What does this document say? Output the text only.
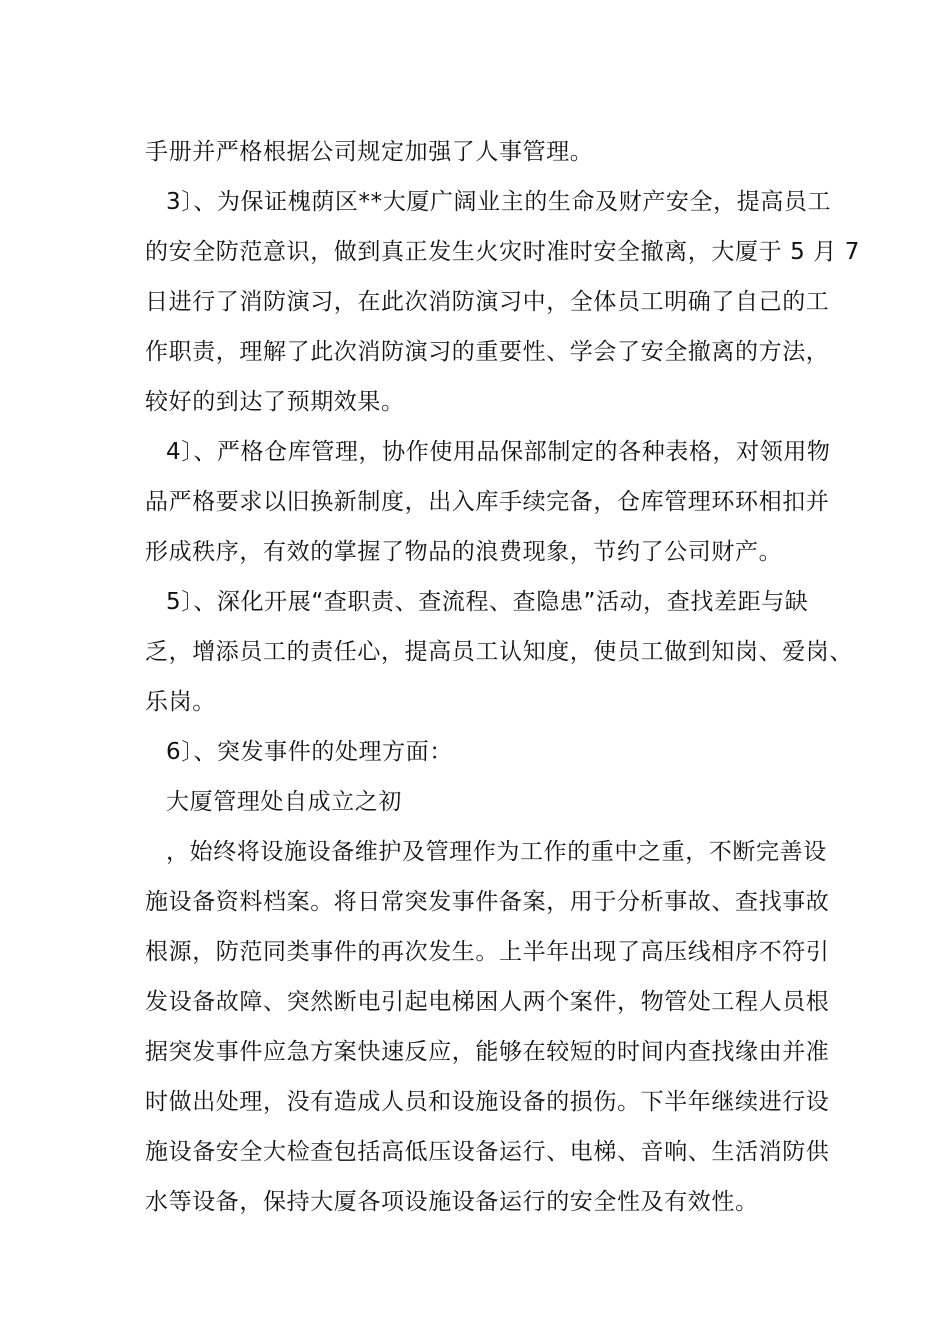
手册并严格根据公司规定加强了人事管理。
3〕、为保证槐荫区**大厦广阔业主的生命及财产安全，提高员工
的安全防范意识，做到真正发生火灾时准时安全撤离，大厦于 5 月 7
日进行了消防演习，在此次消防演习中，全体员工明确了自己的工
作职责，理解了此次消防演习的重要性、学会了安全撤离的方法，
较好的到达了预期效果。
4〕、严格仓库管理，协作使用品保部制定的各种表格，对领用物
品严格要求以旧换新制度，出入库手续完备，仓库管理环环相扣并
形成秩序，有效的掌握了物品的浪费现象，节约了公司财产。
5〕、深化开展“查职责、查流程、查隐患”活动，查找差距与缺
乏，增添员工的责任心，提高员工认知度，使员工做到知岗、爱岗、
乐岗。
6〕、突发事件的处理方面：
大厦管理处自成立之初
，始终将设施设备维护及管理作为工作的重中之重，不断完善设
施设备资料档案。将日常突发事件备案，用于分析事故、查找事故
根源，防范同类事件的再次发生。上半年出现了高压线相序不符引
发设备故障、突然断电引起电梯困人两个案件，物管处工程人员根
据突发事件应急方案快速反应，能够在较短的时间内查找缘由并准
时做出处理，没有造成人员和设施设备的损伤。下半年继续进行设
施设备安全大检查包括高低压设备运行、电梯、音响、生活消防供
水等设备，保持大厦各项设施设备运行的安全性及有效性。
